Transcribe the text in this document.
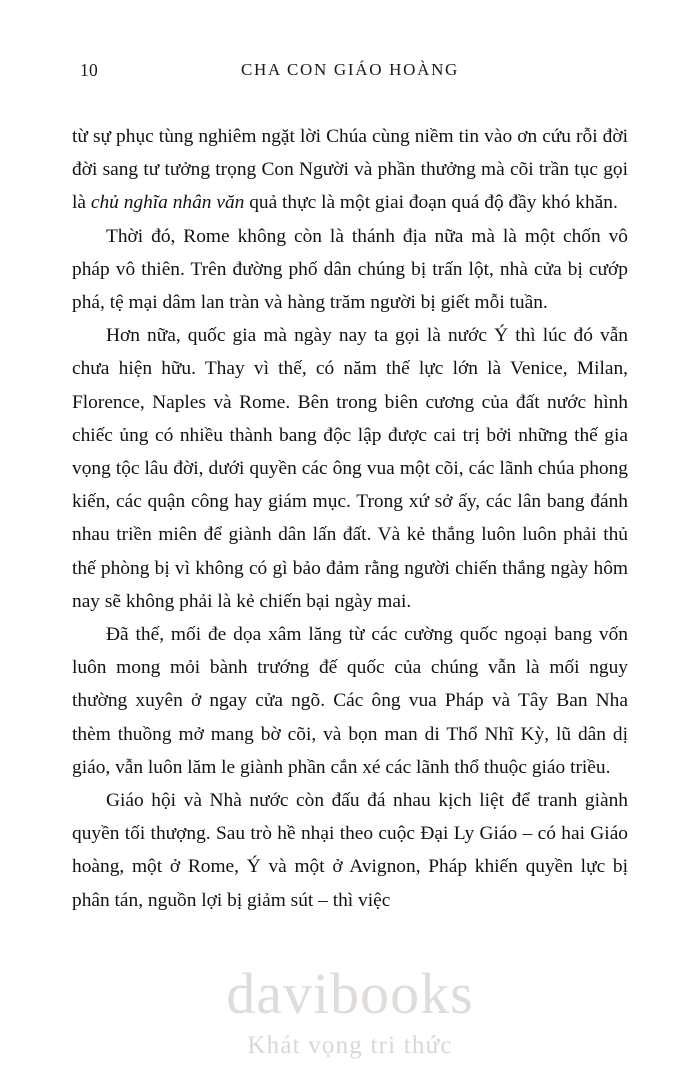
10	CHA CON GIÁO HOÀNG

từ sự phục tùng nghiêm ngặt lời Chúa cùng niềm tin vào ơn cứu rỗi đời đời sang tư tưởng trọng Con Người và phần thưởng mà cõi trần tục gọi là chủ nghĩa nhân văn quả thực là một giai đoạn quá độ đầy khó khăn.

Thời đó, Rome không còn là thánh địa nữa mà là một chốn vô pháp vô thiên. Trên đường phố dân chúng bị trấn lột, nhà cửa bị cướp phá, tệ mại dâm lan tràn và hàng trăm người bị giết mỗi tuần.

Hơn nữa, quốc gia mà ngày nay ta gọi là nước Ý thì lúc đó vẫn chưa hiện hữu. Thay vì thế, có năm thế lực lớn là Venice, Milan, Florence, Naples và Rome. Bên trong biên cương của đất nước hình chiếc ủng có nhiều thành bang độc lập được cai trị bởi những thế gia vọng tộc lâu đời, dưới quyền các ông vua một cõi, các lãnh chúa phong kiến, các quận công hay giám mục. Trong xứ sở ấy, các lân bang đánh nhau triền miên để giành dân lấn đất. Và kẻ thắng luôn luôn phải thủ thế phòng bị vì không có gì bảo đảm rằng người chiến thắng ngày hôm nay sẽ không phải là kẻ chiến bại ngày mai.

Đã thế, mối đe dọa xâm lăng từ các cường quốc ngoại bang vốn luôn mong mỏi bành trướng đế quốc của chúng vẫn là mối nguy thường xuyên ở ngay cửa ngõ. Các ông vua Pháp và Tây Ban Nha thèm thuồng mở mang bờ cõi, và bọn man di Thổ Nhĩ Kỳ, lũ dân dị giáo, vẫn luôn lăm le giành phần cắn xé các lãnh thổ thuộc giáo triều.

Giáo hội và Nhà nước còn đấu đá nhau kịch liệt để tranh giành quyền tối thượng. Sau trò hề nhại theo cuộc Đại Ly Giáo – có hai Giáo hoàng, một ở Rome, Ý và một ở Avignon, Pháp khiến quyền lực bị phân tán, nguồn lợi bị giảm sút – thì việc

davibooks
Khát vọng tri thức
